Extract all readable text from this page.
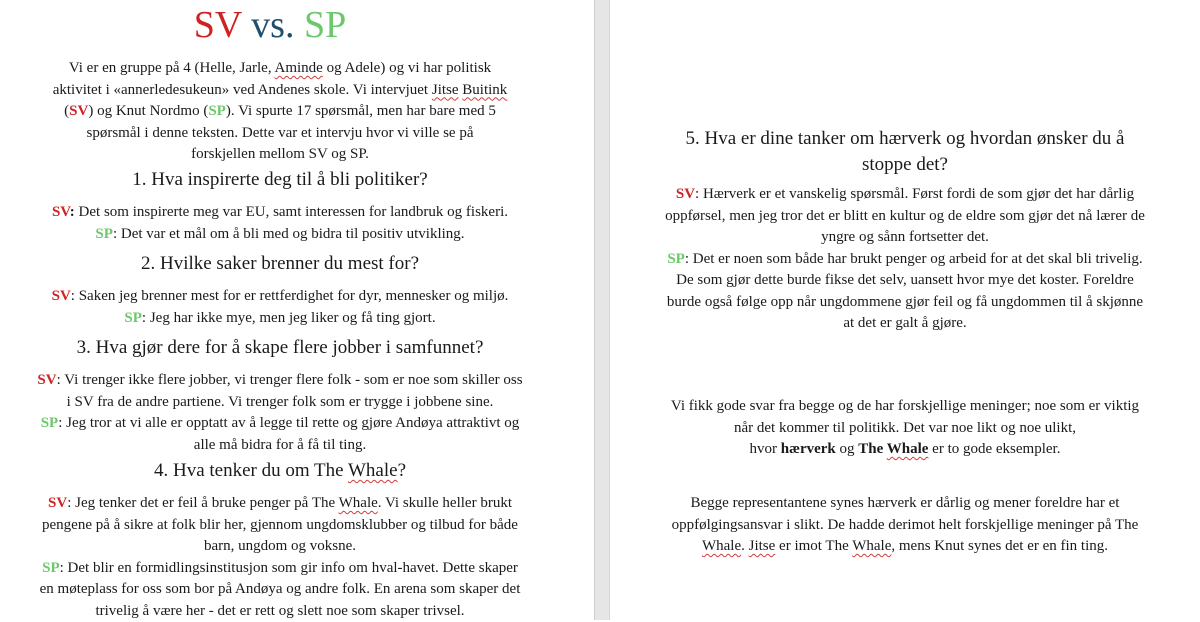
SV vs. SP

Vi er en gruppe på 4 (Helle, Jarle, Aminde og Adele) og vi har politisk
aktivitet i «annerledesukeun» ved Andenes skole. Vi intervjuet Jitse Buitink
(SV) og Knut Nordmo (SP). Vi spurte 17 spørsmål, men har bare med 5
spørsmål i denne teksten. Dette var et intervju hvor vi ville se på
forskjellen mellom SV og SP.

1. Hva inspirerte deg til å bli politiker?

SV: Det som inspirerte meg var EU, samt interessen for landbruk og fiskeri.
SP: Det var et mål om å bli med og bidra til positiv utvikling.

2. Hvilke saker brenner du mest for?

SV: Saken jeg brenner mest for er rettferdighet for dyr, mennesker og miljø.
SP: Jeg har ikke mye, men jeg liker og få ting gjort.

3. Hva gjør dere for å skape flere jobber i samfunnet?

SV: Vi trenger ikke flere jobber, vi trenger flere folk - som er noe som skiller oss
i SV fra de andre partiene. Vi trenger folk som er trygge i jobbene sine.
SP: Jeg tror at vi alle er opptatt av å legge til rette og gjøre Andøya attraktivt og
alle må bidra for å få til ting.

4. Hva tenker du om The Whale?

SV: Jeg tenker det er feil å bruke penger på The Whale. Vi skulle heller brukt
pengene på å sikre at folk blir her, gjennom ungdomsklubber og tilbud for både
barn, ungdom og voksne.
SP: Det blir en formidlingsinstitusjon som gir info om hval-havet. Dette skaper
en møteplass for oss som bor på Andøya og andre folk. En arena som skaper det
trivelig å være her - det er rett og slett noe som skaper trivsel.

5. Hva er dine tanker om hærverk og hvordan ønsker du å
stoppe det?

SV: Hærverk er et vanskelig spørsmål. Først fordi de som gjør det har dårlig
oppførsel, men jeg tror det er blitt en kultur og de eldre som gjør det nå lærer de
yngre og sånn fortsetter det.
SP: Det er noen som både har brukt penger og arbeid for at det skal bli trivelig.
De som gjør dette burde fikse det selv, uansett hvor mye det koster. Foreldre
burde også følge opp når ungdommene gjør feil og få ungdommen til å skjønne
at det er galt å gjøre.

Vi fikk gode svar fra begge og de har forskjellige meninger; noe som er viktig
når det kommer til politikk. Det var noe likt og noe ulikt,
hvor hærverk og The Whale er to gode eksempler.

Begge representantene synes hærverk er dårlig og mener foreldre har et
oppfølgingsansvar i slikt. De hadde derimot helt forskjellige meninger på The
Whale. Jitse er imot The Whale, mens Knut synes det er en fin ting.
